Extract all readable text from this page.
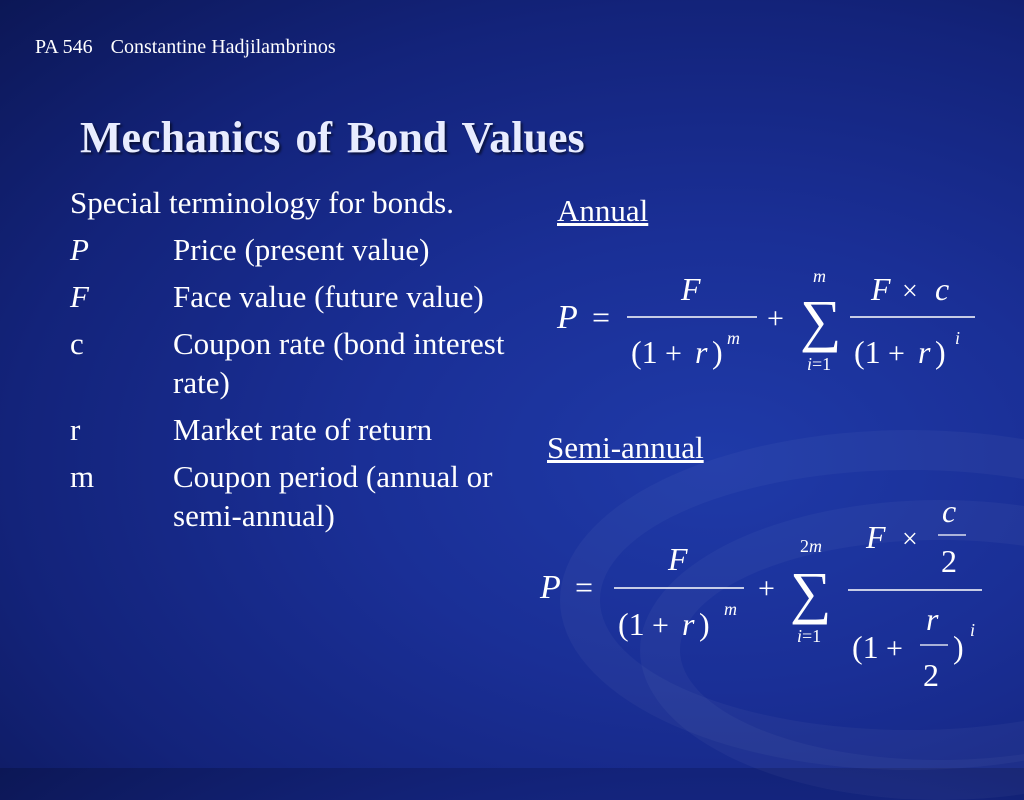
PA 546 Constantine Hadjilambrinos
Mechanics of Bond Values
Special terminology for bonds.
P	Price (present value)
F	Face value (future value)
c	Coupon rate (bond interest rate)
r	Market rate of return
m	Coupon period (annual or semi-annual)
Annual
Semi-annual
P =
F
(1 + r ) m
+
m
∑
i=1
F × c
(1 + r ) i
P =
F
(1 + r ) m
+
2m
∑
i=1
F ×
c
2
(1 +
r
2
) i
